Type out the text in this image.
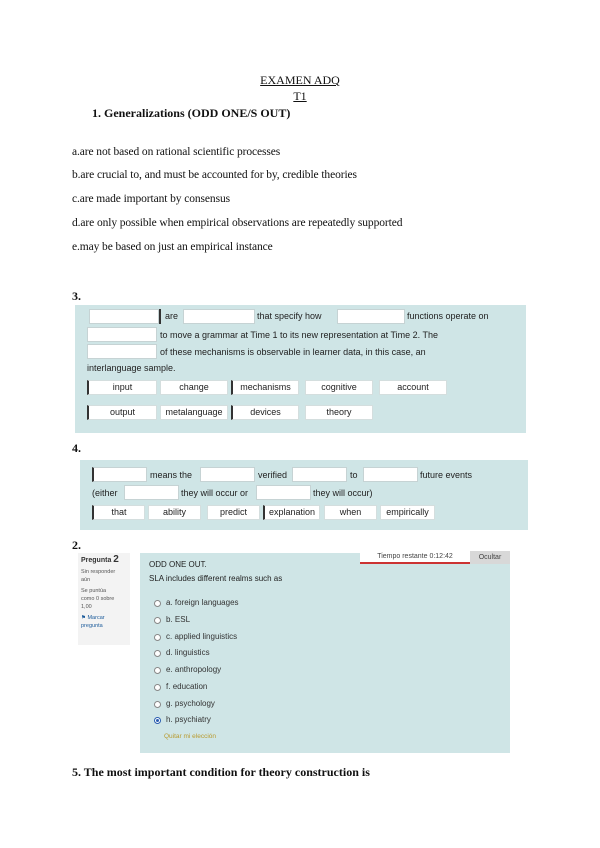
EXAMEN ADQ
T1
1. Generalizations (ODD ONE/S OUT)
a.are not based on rational scientific processes
b.are crucial to, and must be accounted for by, credible theories
c.are made important by consensus
d.are only possible when empirical observations are repeatedly supported
e.may be based on just an empirical instance
3.
are	that specify how	functions operate on
to move a grammar at Time 1 to its new representation at Time 2. The
of these mechanisms is observable in learner data, in this case, an
interlanguage sample.
input	change	mechanisms	cognitive	account
output	metalanguage	devices	theory
4.
means the	verified	to	future events
(either	they will occur or	they will occur)
that	ability	predict	explanation	when	empirically
2.
Pregunta 2
Sin responder
aún
Se puntúa
como 0 sobre
1,00
⚑ Marcar
pregunta
Tiempo restante 0:12:42	Ocultar
ODD ONE OUT.
SLA includes different realms such as
a. foreign languages
b. ESL
c. applied linguistics
d. linguistics
e. anthropology
f. education
g. psychology
h. psychiatry
Quitar mi elección
5. The most important condition for theory construction is
